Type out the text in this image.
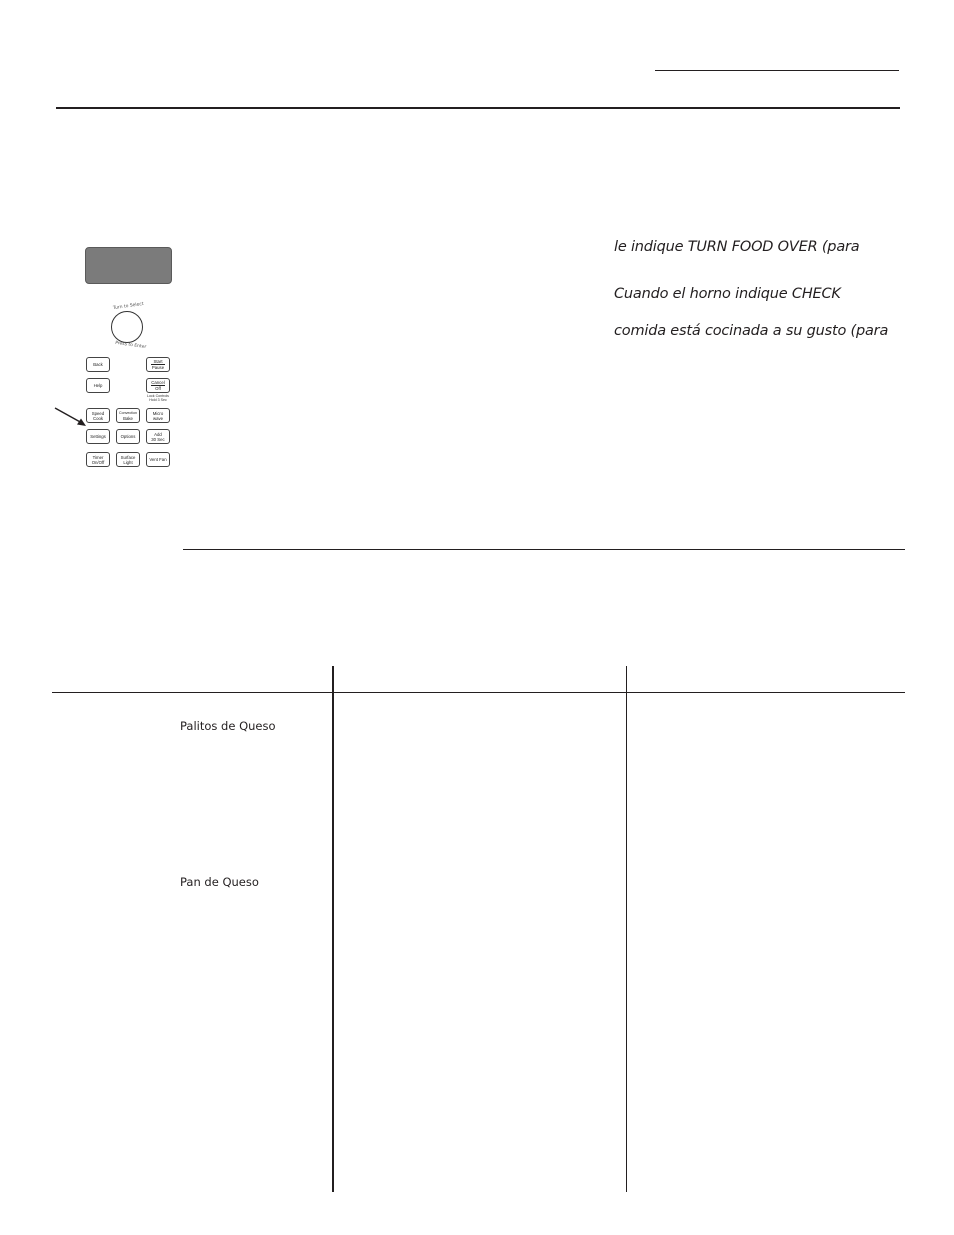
Turn to Select
Press to Enter
Back
Start
Pause
Help
Cancel
Off
Lock Controls
Hold 3 Sec
Speed
Cook
Convection
Bake
Micro
wave
Settings	Options	Add
30 Sec
Timer
On/Off
Surface
Light	Vent Fan
le indique TURN FOOD OVER (para
Cuando el horno indique CHECK
comida está cocinada a su gusto (para
Palitos de Queso
Pan de Queso
